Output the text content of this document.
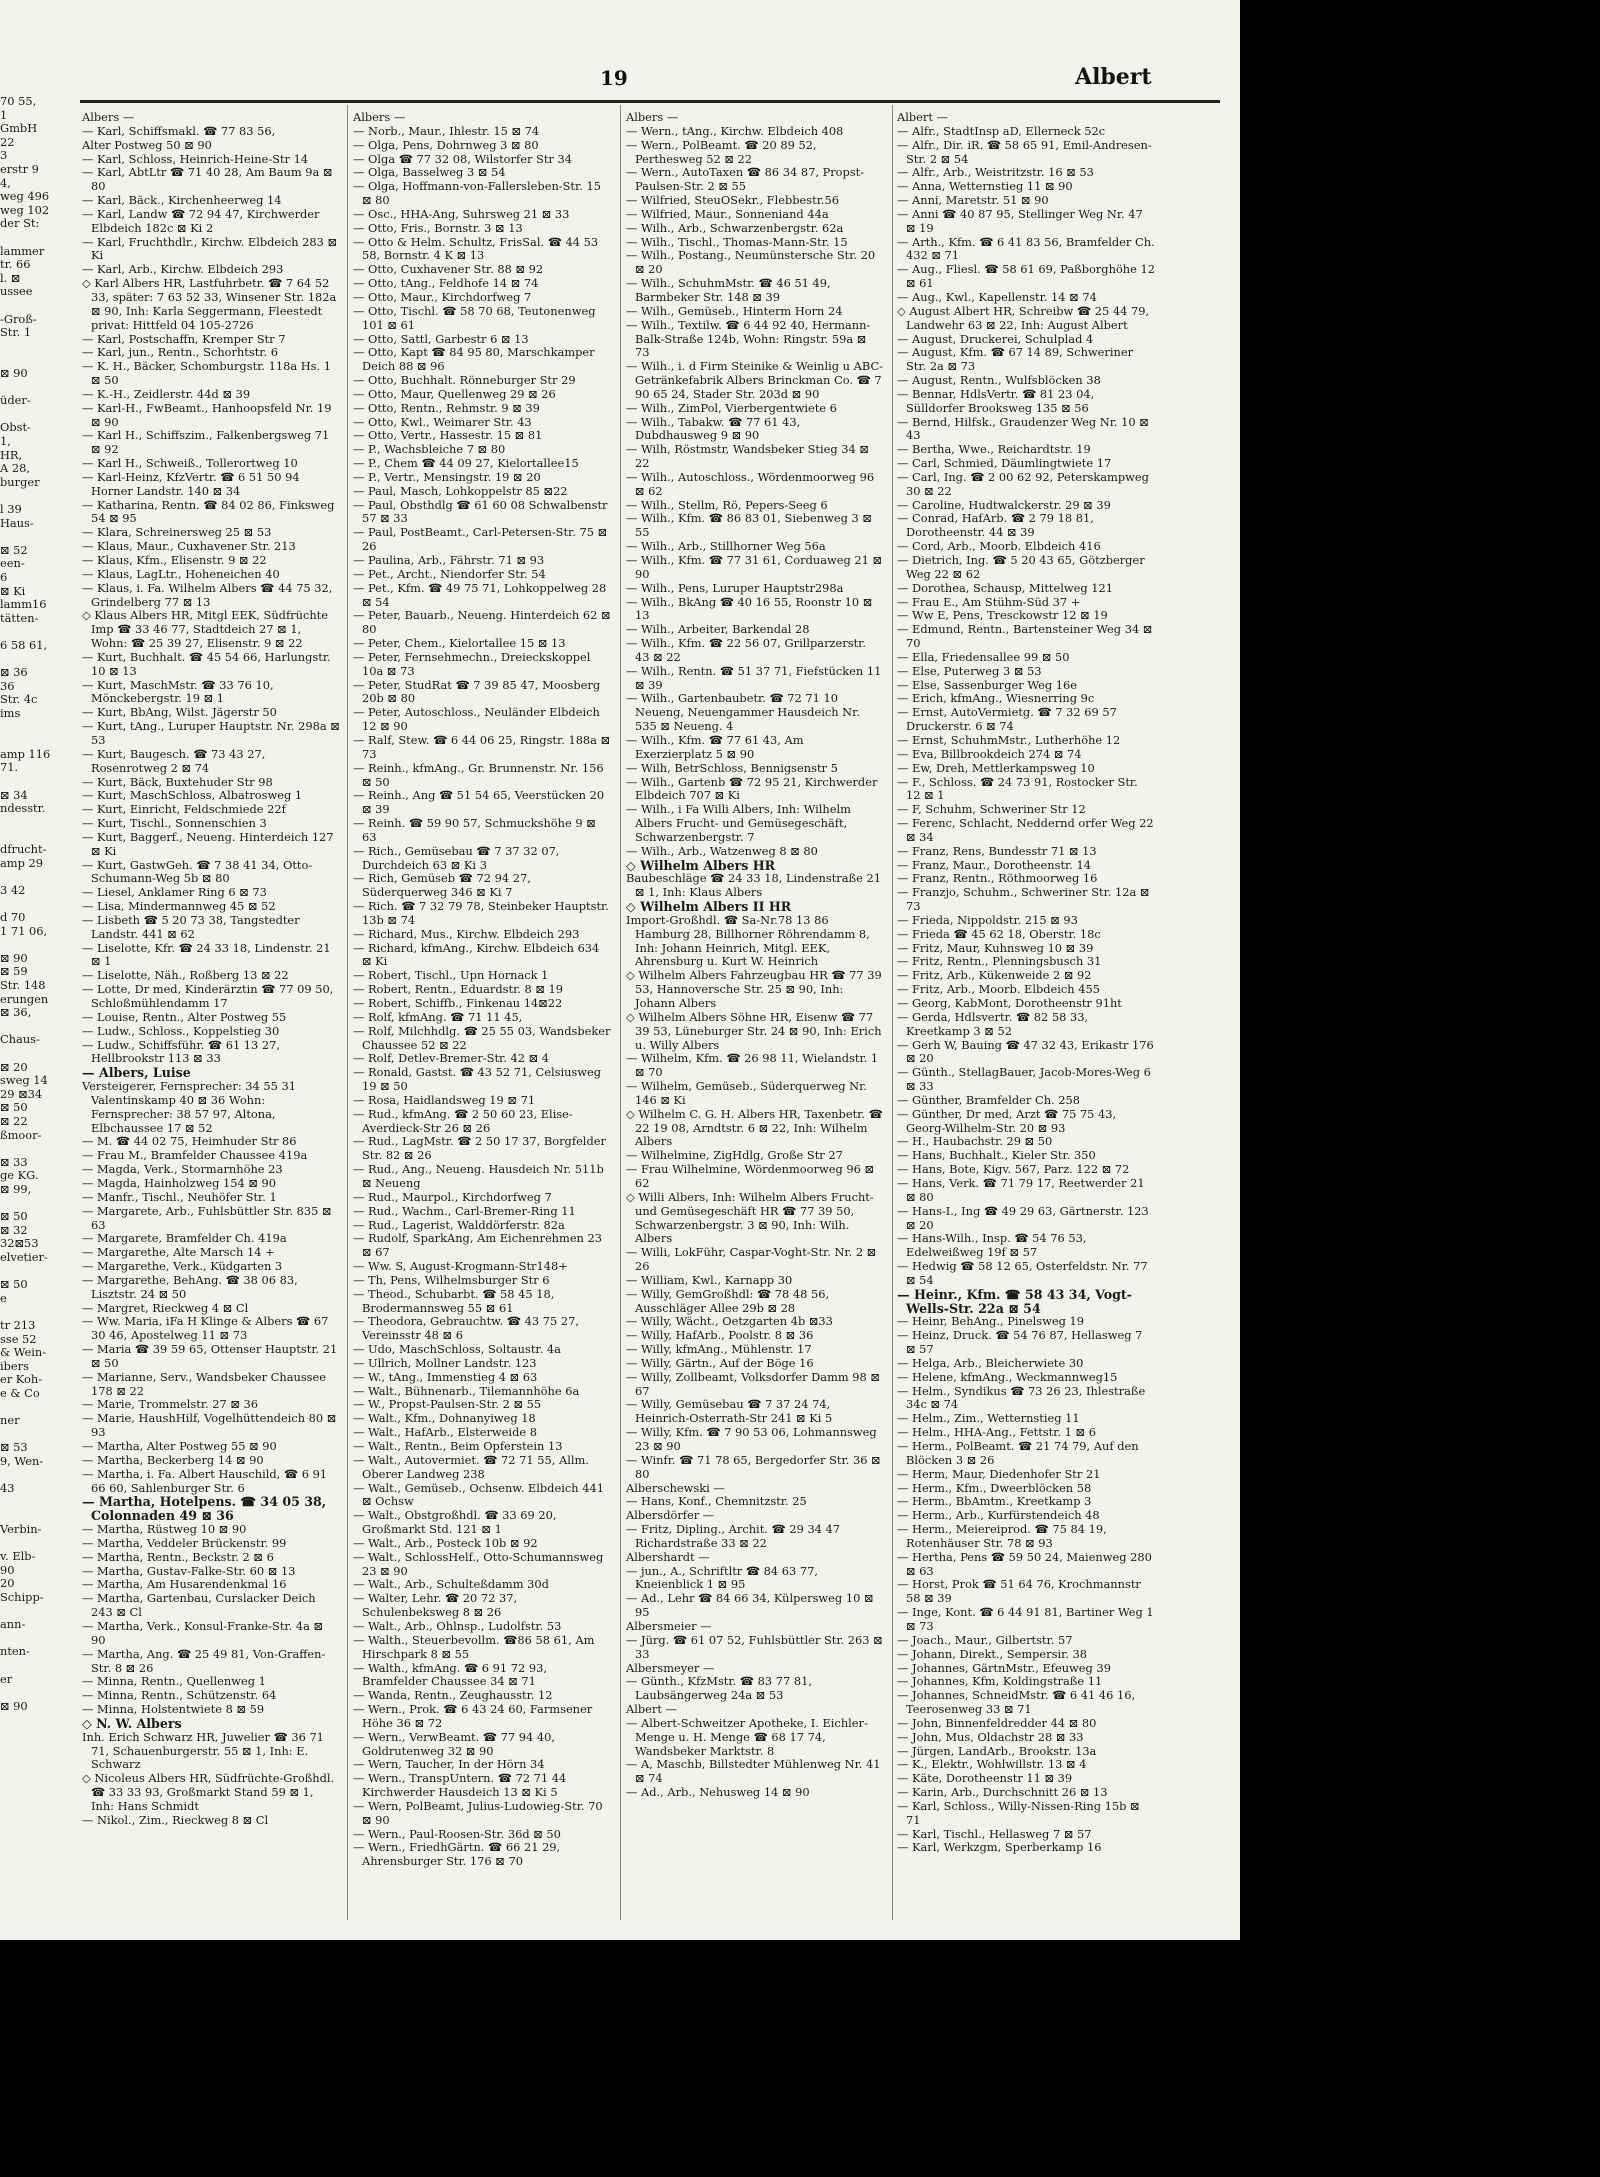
70 55,
1
GmbH
22
3
erstr 9
4,
weg 496
weg 102
der St:
lammer
tr. 66
l. ⊠
ussee
-Groß-
Str. 1
⊠ 90
üder-
Obst-
1,
HR,
A 28,
burger
l 39
Haus-
⊠ 52
een-
6
⊠ Ki
lamm16
tätten-
6 58 61,
⊠ 36
36
Str. 4c
ims
amp 116
71.
⊠ 34
ndesstr.
dfrucht-
amp 29
3 42
d 70
1 71 06,
⊠ 90
⊠ 59
Str. 148
erungen
⊠ 36,
Chaus-
⊠ 20
sweg 14
29 ⊠34
⊠ 50
⊠ 22
ßmoor-
⊠ 33
ge KG.
⊠ 99,
⊠ 50
⊠ 32
32⊠53
elvetier-
⊠ 50
e
tr 213
sse 52
& Wein-
ibers
er Koh-
e & Co
ner
⊠ 53
9, Wen-
43
Verbin-
v. Elb-
90
20
Schipp-
ann-
nten-
er
⊠ 90
19	Albert
Albers —
— Karl, Schiffsmakl. ☎ 77 83 56,
Alter Postweg 50 ⊠ 90
— Karl, Schloss, Heinrich-Heine-Str 14
— Karl, AbtLtr ☎ 71 40 28, Am Baum 9a ⊠ 80
— Karl, Bäck., Kirchenheerweg 14
— Karl, Landw ☎ 72 94 47, Kirchwerder Elbdeich 182c ⊠ Ki 2
— Karl, Fruchthdlr., Kirchw. Elbdeich 283 ⊠ Ki
— Karl, Arb., Kirchw. Elbdeich 293
◇ Karl Albers HR, Lastfuhrbetr. ☎ 7 64 52 33, später: 7 63 52 33, Winsener Str. 182a ⊠ 90, Inh: Karla Seggermann, Fleestedt privat: Hittfeld 04 105-2726
— Karl, Postschaffn, Kremper Str 7
— Karl, jun., Rentn., Schorhtstr. 6
— K. H., Bäcker, Schomburgstr. 118a Hs. 1 ⊠ 50
— K.-H., Zeidlerstr. 44d ⊠ 39
— Karl-H., FwBeamt., Hanhoopsfeld Nr. 19 ⊠ 90
— Karl H., Schiffszim., Falkenbergsweg 71 ⊠ 92
— Karl H., Schweiß., Tollerortweg 10
— Karl-Heinz, KfzVertr. ☎ 6 51 50 94 Horner Landstr. 140 ⊠ 34
— Katharina, Rentn. ☎ 84 02 86, Finksweg 54 ⊠ 95
— Klara, Schreinersweg 25 ⊠ 53
— Klaus, Maur., Cuxhavener Str. 213
— Klaus, Kfm., Elisenstr. 9 ⊠ 22
— Klaus, LagLtr., Hoheneichen 40
— Klaus, i. Fa. Wilhelm Albers ☎ 44 75 32, Grindelberg 77 ⊠ 13
◇ Klaus Albers HR, Mitgl EEK, Südfrüchte Imp ☎ 33 46 77, Stadtdeich 27 ⊠ 1, Wohn: ☎ 25 39 27, Elisenstr. 9 ⊠ 22
— Kurt, Buchhalt. ☎ 45 54 66, Harlungstr. 10 ⊠ 13
— Kurt, MaschMstr. ☎ 33 76 10, Mönckebergstr. 19 ⊠ 1
— Kurt, BbAng, Wilst. Jägerstr 50
— Kurt, tAng., Luruper Hauptstr. Nr. 298a ⊠ 53
— Kurt, Baugesch. ☎ 73 43 27, Rosenrotweg 2 ⊠ 74
— Kurt, Bäck, Buxtehuder Str 98
— Kurt, MaschSchloss, Albatrosweg 1
— Kurt, Einricht, Feldschmiede 22f
— Kurt, Tischl., Sonnenschien 3
— Kurt, Baggerf., Neueng. Hinterdeich 127 ⊠ Ki
— Kurt, GastwGeh. ☎ 7 38 41 34, Otto-Schumann-Weg 5b ⊠ 80
— Liesel, Anklamer Ring 6 ⊠ 73
— Lisa, Mindermannweg 45 ⊠ 52
— Lisbeth ☎ 5 20 73 38, Tangstedter Landstr. 441 ⊠ 62
— Liselotte, Kfr. ☎ 24 33 18, Lindenstr. 21 ⊠ 1
— Liselotte, Näh., Roßberg 13 ⊠ 22
— Lotte, Dr med, Kinderärztin ☎ 77 09 50, Schloßmühlendamm 17
— Louise, Rentn., Alter Postweg 55
— Ludw., Schloss., Koppelstieg 30
— Ludw., Schiffsführ. ☎ 61 13 27, Hellbrookstr 113 ⊠ 33
— Albers, Luise
Versteigerer, Fernsprecher: 34 55 31 Valentinskamp 40 ⊠ 36 Wohn: Fernsprecher: 38 57 97, Altona, Elbchaussee 17 ⊠ 52
— M. ☎ 44 02 75, Heimhuder Str 86
— Frau M., Bramfelder Chaussee 419a
— Magda, Verk., Stormarnhöhe 23
— Magda, Hainholzweg 154 ⊠ 90
— Manfr., Tischl., Neuhöfer Str. 1
— Margarete, Arb., Fuhlsbüttler Str. 835 ⊠ 63
— Margarete, Bramfelder Ch. 419a
— Margarethe, Alte Marsch 14 +
— Margarethe, Verk., Küdgarten 3
— Margarethe, BehAng. ☎ 38 06 83, Lisztstr. 24 ⊠ 50
— Margret, Rieckweg 4 ⊠ Cl
— Ww. Maria, iFa H Klinge & Albers ☎ 67 30 46, Apostelweg 11 ⊠ 73
— Maria ☎ 39 59 65, Ottenser Hauptstr. 21 ⊠ 50
— Marianne, Serv., Wandsbeker Chaussee 178 ⊠ 22
— Marie, Trommelstr. 27 ⊠ 36
— Marie, HaushHilf, Vogelhüttendeich 80 ⊠ 93
— Martha, Alter Postweg 55 ⊠ 90
— Martha, Beckerberg 14 ⊠ 90
— Martha, i. Fa. Albert Hauschild, ☎ 6 91 66 60, Sahlenburger Str. 6
— Martha, Hotelpens. ☎ 34 05 38, Colonnaden 49 ⊠ 36
— Martha, Rüstweg 10 ⊠ 90
— Martha, Veddeler Brückenstr. 99
— Martha, Rentn., Beckstr. 2 ⊠ 6
— Martha, Gustav-Falke-Str. 60 ⊠ 13
— Martha, Am Husarendenkmal 16
— Martha, Gartenbau, Curslacker Deich 243 ⊠ Cl
— Martha, Verk., Konsul-Franke-Str. 4a ⊠ 90
— Martha, Ang. ☎ 25 49 81, Von-Graffen-Str. 8 ⊠ 26
— Minna, Rentn., Quellenweg 1
— Minna, Rentn., Schützenstr. 64
— Minna, Holstentwiete 8 ⊠ 59
◇ N. W. Albers
Inh. Erich Schwarz HR, Juwelier ☎ 36 71 71, Schauenburgerstr. 55 ⊠ 1, Inh: E. Schwarz
◇ Nicoleus Albers HR, Südfrüchte-Großhdl. ☎ 33 33 93, Großmarkt Stand 59 ⊠ 1, Inh: Hans Schmidt
— Nikol., Zim., Rieckweg 8 ⊠ Cl
Albers —
— Norb., Maur., Ihlestr. 15 ⊠ 74
— Olga, Pens, Dohrnweg 3 ⊠ 80
— Olga ☎ 77 32 08, Wilstorfer Str 34
— Olga, Basselweg 3 ⊠ 54
— Olga, Hoffmann-von-Fallersleben-Str. 15 ⊠ 80
— Osc., HHA-Ang, Suhrsweg 21 ⊠ 33
— Otto, Fris., Bornstr. 3 ⊠ 13
— Otto & Helm. Schultz, FrisSal. ☎ 44 53 58, Bornstr. 4 K ⊠ 13
— Otto, Cuxhavener Str. 88 ⊠ 92
— Otto, tAng., Feldhofe 14 ⊠ 74
— Otto, Maur., Kirchdorfweg 7
— Otto, Tischl. ☎ 58 70 68, Teutonenweg 101 ⊠ 61
— Otto, Sattl, Garbestr 6 ⊠ 13
— Otto, Kapt ☎ 84 95 80, Marschkamper Deich 88 ⊠ 96
— Otto, Buchhalt. Rönneburger Str 29
— Otto, Maur, Quellenweg 29 ⊠ 26
— Otto, Rentn., Rehmstr. 9 ⊠ 39
— Otto, Kwl., Weimarer Str. 43
— Otto, Vertr., Hassestr. 15 ⊠ 81
— P., Wachsbleiche 7 ⊠ 80
— P., Chem ☎ 44 09 27, Kielortallee15
— P., Vertr., Mensingstr. 19 ⊠ 20
— Paul, Masch, Lohkoppelstr 85 ⊠22
— Paul, Obsthdlg ☎ 61 60 08 Schwalbenstr 57 ⊠ 33
— Paul, PostBeamt., Carl-Petersen-Str. 75 ⊠ 26
— Paulina, Arb., Fährstr. 71 ⊠ 93
— Pet., Archt., Niendorfer Str. 54
— Pet., Kfm. ☎ 49 75 71, Lohkoppelweg 28 ⊠ 54
— Peter, Bauarb., Neueng. Hinterdeich 62 ⊠ 80
— Peter, Chem., Kielortallee 15 ⊠ 13
— Peter, Fernsehmechn., Dreieckskoppel 10a ⊠ 73
— Peter, StudRat ☎ 7 39 85 47, Moosberg 20b ⊠ 80
— Peter, Autoschloss., Neuländer Elbdeich 12 ⊠ 90
— Ralf, Stew. ☎ 6 44 06 25, Ringstr. 188a ⊠ 73
— Reinh., kfmAng., Gr. Brunnenstr. Nr. 156 ⊠ 50
— Reinh., Ang ☎ 51 54 65, Veerstücken 20 ⊠ 39
— Reinh. ☎ 59 90 57, Schmuckshöhe 9 ⊠ 63
— Rich., Gemüsebau ☎ 7 37 32 07, Durchdeich 63 ⊠ Ki 3
— Rich, Gemüseb ☎ 72 94 27, Süderquerweg 346 ⊠ Ki 7
— Rich. ☎ 7 32 79 78, Steinbeker Hauptstr. 13b ⊠ 74
— Richard, Mus., Kirchw. Elbdeich 293
— Richard, kfmAng., Kirchw. Elbdeich 634 ⊠ Ki
— Robert, Tischl., Upn Hornack 1
— Robert, Rentn., Eduardstr. 8 ⊠ 19
— Robert, Schiffb., Finkenau 14⊠22
— Rolf, kfmAng. ☎ 71 11 45,
— Rolf, Milchhdlg. ☎ 25 55 03, Wandsbeker Chaussee 52 ⊠ 22
— Rolf, Detlev-Bremer-Str. 42 ⊠ 4
— Ronald, Gastst. ☎ 43 52 71, Celsiusweg 19 ⊠ 50
— Rosa, Haidlandsweg 19 ⊠ 71
— Rud., kfmAng. ☎ 2 50 60 23, Elise-Averdieck-Str 26 ⊠ 26
— Rud., LagMstr. ☎ 2 50 17 37, Borgfelder Str. 82 ⊠ 26
— Rud., Ang., Neueng. Hausdeich Nr. 511b ⊠ Neueng
— Rud., Maurpol., Kirchdorfweg 7
— Rud., Wachm., Carl-Bremer-Ring 11
— Rud., Lagerist, Walddörferstr. 82a
— Rudolf, SparkAng, Am Eichenrehmen 23 ⊠ 67
— Ww. S, August-Krogmann-Str148+
— Th, Pens, Wilhelmsburger Str 6
— Theod., Schubarbt. ☎ 58 45 18, Brodermannsweg 55 ⊠ 61
— Theodora, Gebrauchtw. ☎ 43 75 27, Vereinsstr 48 ⊠ 6
— Udo, MaschSchloss, Soltaustr. 4a
— Ullrich, Mollner Landstr. 123
— W., tAng., Immenstieg 4 ⊠ 63
— Walt., Bühnenarb., Tilemannhöhe 6a
— W., Propst-Paulsen-Str. 2 ⊠ 55
— Walt., Kfm., Dohnanyiweg 18
— Walt., HafArb., Elsterweide 8
— Walt., Rentn., Beim Opferstein 13
— Walt., Autovermiet. ☎ 72 71 55, Allm. Oberer Landweg 238
— Walt., Gemüseb., Ochsenw. Elbdeich 441 ⊠ Ochsw
— Walt., Obstgroßhdl. ☎ 33 69 20, Großmarkt Std. 121 ⊠ 1
— Walt., Arb., Posteck 10b ⊠ 92
— Walt., SchlossHelf., Otto-Schumannsweg 23 ⊠ 90
— Walt., Arb., Schulteßdamm 30d
— Walter, Lehr. ☎ 20 72 37, Schulenbeksweg 8 ⊠ 26
— Walt., Arb., Ohlnsp., Ludolfstr. 53
— Walth., Steuerbevollm. ☎86 58 61, Am Hirschpark 8 ⊠ 55
— Walth., kfmAng. ☎ 6 91 72 93, Bramfelder Chaussee 34 ⊠ 71
— Wanda, Rentn., Zeughausstr. 12
— Wern., Prok. ☎ 6 43 24 60, Farmsener Höhe 36 ⊠ 72
— Wern., VerwBeamt. ☎ 77 94 40, Goldrutenweg 32 ⊠ 90
— Wern, Taucher, In der Hörn 34
— Wern., TranspUntern. ☎ 72 71 44 Kirchwerder Hausdeich 13 ⊠ Ki 5
— Wern, PolBeamt, Julius-Ludowieg-Str. 70 ⊠ 90
— Wern., Paul-Roosen-Str. 36d ⊠ 50
— Wern., FriedhGärtn. ☎ 66 21 29, Ahrensburger Str. 176 ⊠ 70
Albers —
— Wern., tAng., Kirchw. Elbdeich 408
— Wern., PolBeamt. ☎ 20 89 52, Perthesweg 52 ⊠ 22
— Wern., AutoTaxen ☎ 86 34 87, Propst-Paulsen-Str. 2 ⊠ 55
— Wilfried, SteuOSekr., Flebbestr.56
— Wilfried, Maur., Sonneniand 44a
— Wilh., Arb., Schwarzenbergstr. 62a
— Wilh., Tischl., Thomas-Mann-Str. 15
— Wilh., Postang., Neumünstersche Str. 20 ⊠ 20
— Wilh., SchuhmMstr. ☎ 46 51 49, Barmbeker Str. 148 ⊠ 39
— Wilh., Gemüseb., Hinterm Horn 24
— Wilh., Textilw. ☎ 6 44 92 40, Hermann-Balk-Straße 124b, Wohn: Ringstr. 59a ⊠ 73
— Wilh., i. d Firm Steinike & Weinlig u ABC-Getränkefabrik Albers Brinckman Co. ☎ 7 90 65 24, Stader Str. 203d ⊠ 90
— Wilh., ZimPol, Vierbergentwiete 6
— Wilh., Tabakw. ☎ 77 61 43, Dubdhausweg 9 ⊠ 90
— Wilh, Röstmstr, Wandsbeker Stieg 34 ⊠ 22
— Wilh., Autoschloss., Wördenmoorweg 96 ⊠ 62
— Wilh., Stellm, Rö, Pepers-Seeg 6
— Wilh., Kfm. ☎ 86 83 01, Siebenweg 3 ⊠ 55
— Wilh., Arb., Stillhorner Weg 56a
— Wilh., Kfm. ☎ 77 31 61, Corduaweg 21 ⊠ 90
— Wilh., Pens, Luruper Hauptstr298a
— Wilh., BkAng ☎ 40 16 55, Roonstr 10 ⊠ 13
— Wilh., Arbeiter, Barkendal 28
— Wilh., Kfm. ☎ 22 56 07, Grillparzerstr. 43 ⊠ 22
— Wilh., Rentn. ☎ 51 37 71, Fiefstücken 11 ⊠ 39
— Wilh., Gartenbaubetr. ☎ 72 71 10 Neueng, Neuengammer Hausdeich Nr. 535 ⊠ Neueng. 4
— Wilh., Kfm. ☎ 77 61 43, Am Exerzierplatz 5 ⊠ 90
— Wilh, BetrSchloss, Bennigsenstr 5
— Wilh., Gartenb ☎ 72 95 21, Kirchwerder Elbdeich 707 ⊠ Ki
— Wilh., i Fa Willi Albers, Inh: Wilhelm Albers Frucht- und Gemüsegeschäft, Schwarzenbergstr. 7
— Wilh., Arb., Watzenweg 8 ⊠ 80
◇ Wilhelm Albers HR
Baubeschläge ☎ 24 33 18, Lindenstraße 21 ⊠ 1, Inh: Klaus Albers
◇ Wilhelm Albers II HR
Import-Großhdl. ☎ Sa-Nr.78 13 86 Hamburg 28, Billhorner Röhrendamm 8, Inh: Johann Heinrich, Mitgl. EEK, Ahrensburg u. Kurt W. Heinrich
◇ Wilhelm Albers Fahrzeugbau HR ☎ 77 39 53, Hannoversche Str. 25 ⊠ 90, Inh: Johann Albers
◇ Wilhelm Albers Söhne HR, Eisenw ☎ 77 39 53, Lüneburger Str. 24 ⊠ 90, Inh: Erich u. Willy Albers
— Wilhelm, Kfm. ☎ 26 98 11, Wielandstr. 1 ⊠ 70
— Wilhelm, Gemüseb., Süderquerweg Nr. 146 ⊠ Ki
◇ Wilhelm C. G. H. Albers HR, Taxenbetr. ☎ 22 19 08, Arndtstr. 6 ⊠ 22, Inh: Wilhelm Albers
— Wilhelmine, ZigHdlg, Große Str 27
— Frau Wilhelmine, Wördenmoorweg 96 ⊠ 62
◇ Willi Albers, Inh: Wilhelm Albers Frucht- und Gemüsegeschäft HR ☎ 77 39 50, Schwarzenbergstr. 3 ⊠ 90, Inh: Wilh. Albers
— Willi, LokFühr, Caspar-Voght-Str. Nr. 2 ⊠ 26
— William, Kwl., Karnapp 30
— Willy, GemGroßhdl: ☎ 78 48 56, Ausschläger Allee 29b ⊠ 28
— Willy, Wächt., Oetzgarten 4b ⊠33
— Willy, HafArb., Poolstr. 8 ⊠ 36
— Willy, kfmAng., Mühlenstr. 17
— Willy, Gärtn., Auf der Böge 16
— Willy, Zollbeamt, Volksdorfer Damm 98 ⊠ 67
— Willy, Gemüsebau ☎ 7 37 24 74, Heinrich-Osterrath-Str 241 ⊠ Ki 5
— Willy, Kfm. ☎ 7 90 53 06, Lohmannsweg 23 ⊠ 90
— Winfr. ☎ 71 78 65, Bergedorfer Str. 36 ⊠ 80
Alberschewski —
— Hans, Konf., Chemnitzstr. 25
Albersdörfer —
— Fritz, Dipling., Archit. ☎ 29 34 47 Richardstraße 33 ⊠ 22
Albershardt —
— jun., A., Schriftltr ☎ 84 63 77, Kneienblick 1 ⊠ 95
— Ad., Lehr ☎ 84 66 34, Külpersweg 10 ⊠ 95
Albersmeier —
— Jürg. ☎ 61 07 52, Fuhlsbüttler Str. 263 ⊠ 33
Albersmeyer —
— Günth., KfzMstr. ☎ 83 77 81, Laubsängerweg 24a ⊠ 53
Albert —
— Albert-Schweitzer Apotheke, I. Eichler-Menge u. H. Menge ☎ 68 17 74, Wandsbeker Marktstr. 8
— A, Maschb, Billstedter Mühlenweg Nr. 41 ⊠ 74
— Ad., Arb., Nehusweg 14 ⊠ 90
Albert —
— Alfr., StadtInsp aD, Ellerneck 52c
— Alfr., Dir. iR. ☎ 58 65 91, Emil-Andresen-Str. 2 ⊠ 54
— Alfr., Arb., Weistritzstr. 16 ⊠ 53
— Anna, Wetternstieg 11 ⊠ 90
— Anni, Maretstr. 51 ⊠ 90
— Anni ☎ 40 87 95, Stellinger Weg Nr. 47 ⊠ 19
— Arth., Kfm. ☎ 6 41 83 56, Bramfelder Ch. 432 ⊠ 71
— Aug., Fliesl. ☎ 58 61 69, Paßborghöhe 12 ⊠ 61
— Aug., Kwl., Kapellenstr. 14 ⊠ 74
◇ August Albert HR, Schreibw ☎ 25 44 79, Landwehr 63 ⊠ 22, Inh: August Albert
— August, Druckerei, Schulplad 4
— August, Kfm. ☎ 67 14 89, Schweriner Str. 2a ⊠ 73
— August, Rentn., Wulfsblöcken 38
— Bennar, HdlsVertr. ☎ 81 23 04, Sülldorfer Brooksweg 135 ⊠ 56
— Bernd, Hilfsk., Graudenzer Weg Nr. 10 ⊠ 43
— Bertha, Wwe., Reichardtstr. 19
— Carl, Schmied, Däumlingtwiete 17
— Carl, Ing. ☎ 2 00 62 92, Peterskampweg 30 ⊠ 22
— Caroline, Hudtwalckerstr. 29 ⊠ 39
— Conrad, HafArb. ☎ 2 79 18 81, Dorotheenstr. 44 ⊠ 39
— Cord, Arb., Moorb. Elbdeich 416
— Dietrich, Ing. ☎ 5 20 43 65, Götzberger Weg 22 ⊠ 62
— Dorothea, Schausp, Mittelweg 121
— Frau E., Am Stühm-Süd 37 +
— Ww E, Pens, Tresckowstr 12 ⊠ 19
— Edmund, Rentn., Bartensteiner Weg 34 ⊠ 70
— Ella, Friedensallee 99 ⊠ 50
— Else, Puterweg 3 ⊠ 53
— Else, Sassenburger Weg 16e
— Erich, kfmAng., Wiesnerring 9c
— Ernst, AutoVermietg. ☎ 7 32 69 57 Druckerstr. 6 ⊠ 74
— Ernst, SchuhmMstr., Lutherhöhe 12
— Eva, Billbrookdeich 274 ⊠ 74
— Ew, Dreh, Mettlerkampsweg 10
— F., Schloss. ☎ 24 73 91, Rostocker Str. 12 ⊠ 1
— F, Schuhm, Schweriner Str 12
— Ferenc, Schlacht, Neddernd orfer Weg 22 ⊠ 34
— Franz, Rens, Bundesstr 71 ⊠ 13
— Franz, Maur., Dorotheenstr. 14
— Franz, Rentn., Röthmoorweg 16
— Franzjo, Schuhm., Schweriner Str. 12a ⊠ 73
— Frieda, Nippoldstr. 215 ⊠ 93
— Frieda ☎ 45 62 18, Oberstr. 18c
— Fritz, Maur, Kuhnsweg 10 ⊠ 39
— Fritz, Rentn., Plenningsbusch 31
— Fritz, Arb., Kükenweide 2 ⊠ 92
— Fritz, Arb., Moorb. Elbdeich 455
— Georg, KabMont, Dorotheenstr 91ht
— Gerda, Hdlsvertr. ☎ 82 58 33, Kreetkamp 3 ⊠ 52
— Gerh W, Bauing ☎ 47 32 43, Erikastr 176 ⊠ 20
— Günth., StellagBauer, Jacob-Mores-Weg 6 ⊠ 33
— Günther, Bramfelder Ch. 258
— Günther, Dr med, Arzt ☎ 75 75 43, Georg-Wilhelm-Str. 20 ⊠ 93
— H., Haubachstr. 29 ⊠ 50
— Hans, Buchhalt., Kieler Str. 350
— Hans, Bote, Kigv. 567, Parz. 122 ⊠ 72
— Hans, Verk. ☎ 71 79 17, Reetwerder 21 ⊠ 80
— Hans-I., Ing ☎ 49 29 63, Gärtnerstr. 123 ⊠ 20
— Hans-Wilh., Insp. ☎ 54 76 53, Edelweißweg 19f ⊠ 57
— Hedwig ☎ 58 12 65, Osterfeldstr. Nr. 77 ⊠ 54
— Heinr., Kfm. ☎ 58 43 34, Vogt-Wells-Str. 22a ⊠ 54
— Heinr, BehAng., Pinelsweg 19
— Heinz, Druck. ☎ 54 76 87, Hellasweg 7 ⊠ 57
— Helga, Arb., Bleicherwiete 30
— Helene, kfmAng., Weckmannweg15
— Helm., Syndikus ☎ 73 26 23, Ihlestraße 34c ⊠ 74
— Helm., Zim., Wetternstieg 11
— Helm., HHA-Ang., Fettstr. 1 ⊠ 6
— Herm., PolBeamt. ☎ 21 74 79, Auf den Blöcken 3 ⊠ 26
— Herm, Maur, Diedenhofer Str 21
— Herm., Kfm., Dweerblöcken 58
— Herm., BbAmtm., Kreetkamp 3
— Herm., Arb., Kurfürstendeich 48
— Herm., Meiereiprod. ☎ 75 84 19, Rotenhäuser Str. 78 ⊠ 93
— Hertha, Pens ☎ 59 50 24, Maienweg 280 ⊠ 63
— Horst, Prok ☎ 51 64 76, Krochmannstr 58 ⊠ 39
— Inge, Kont. ☎ 6 44 91 81, Bartiner Weg 1 ⊠ 73
— Joach., Maur., Gilbertstr. 57
— Johann, Direkt., Sempersir. 38
— Johannes, GärtnMstr., Efeuweg 39
— Johannes, Kfm, Koldingstraße 11
— Johannes, SchneidMstr. ☎ 6 41 46 16, Teerosenweg 33 ⊠ 71
— John, Binnenfeldredder 44 ⊠ 80
— John, Mus, Oldachstr 28 ⊠ 33
— Jürgen, LandArb., Brookstr. 13a
— K., Elektr., Wohlwillstr. 13 ⊠ 4
— Käte, Dorotheenstr 11 ⊠ 39
— Karin, Arb., Durchschnitt 26 ⊠ 13
— Karl, Schloss., Willy-Nissen-Ring 15b ⊠ 71
— Karl, Tischl., Hellasweg 7 ⊠ 57
— Karl, Werkzgm, Sperberkamp 16
